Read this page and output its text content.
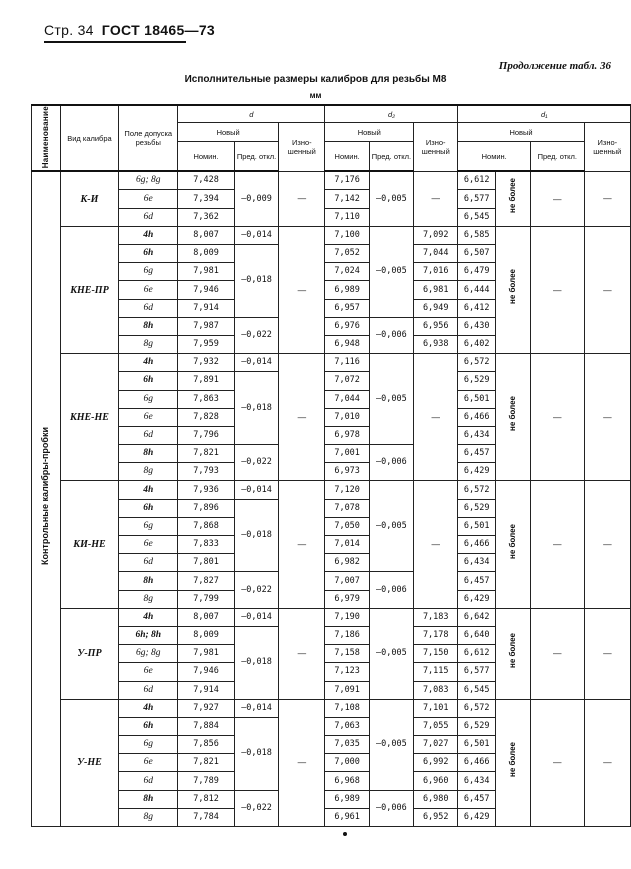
Стр. 34 ГОСТ 18465—73
Продолжение табл. 36
Исполнительные размеры калибров для резьбы М8
мм
Наименование	Вид калибра	Поле допуска резьбы	d			d₂			d₁			
			Новый		Изно- шенный	Новый		Изно- шенный	Новый			Изно- шенный
			Номин.	Пред. откл.		Номин.	Пред. откл.		Номин.		Пред. откл.	
Контрольные калибры-пробки	К-И	6g; 8g	7,428	—0,009	—	7,176	—0,005	—	6,612	не более	—	—
		6e	7,394			7,142			6,577			
		6d	7,362			7,110			6,545			
	КНЕ-ПР	4h	8,007	—0,014	—	7,100	—0,005	7,092	6,585	не более	—	—
		6h	8,009	—0,018		7,052		7,044	6,507			
		6g	7,981			7,024		7,016	6,479			
		6e	7,946			6,989		6,981	6,444			
		6d	7,914			6,957		6,949	6,412			
		8h	7,987	—0,022		6,976	—0,006	6,956	6,430			
		8g	7,959			6,948		6,938	6,402			
	КНЕ-НЕ	4h	7,932	—0,014	—	7,116	—0,005	—	6,572	не более	—	—
		6h	7,891	—0,018		7,072			6,529			
		6g	7,863			7,044			6,501			
		6e	7,828			7,010			6,466			
		6d	7,796			6,978			6,434			
		8h	7,821	—0,022		7,001	—0,006		6,457			
		8g	7,793			6,973			6,429			
	КИ-НЕ	4h	7,936	—0,014	—	7,120	—0,005	—	6,572	не более	—	—
		6h	7,896	—0,018		7,078			6,529			
		6g	7,868			7,050			6,501			
		6e	7,833			7,014			6,466			
		6d	7,801			6,982			6,434			
		8h	7,827	—0,022		7,007	—0,006		6,457			
		8g	7,799			6,979			6,429			
	У-ПР	4h	8,007	—0,014	—	7,190	—0,005	7,183	6,642	не более	—	—
		6h; 8h	8,009	—0,018		7,186		7,178	6,640			
		6g; 8g	7,981			7,158		7,150	6,612			
		6e	7,946			7,123		7,115	6,577			
		6d	7,914			7,091		7,083	6,545			
	У-НЕ	4h	7,927	—0,014	—	7,108	—0,005	7,101	6,572	не более	—	—
		6h	7,884	—0,018		7,063		7,055	6,529			
		6g	7,856			7,035		7,027	6,501			
		6e	7,821			7,000		6,992	6,466			
		6d	7,789			6,968		6,960	6,434			
		8h	7,812	—0,022		6,989	—0,006	6,980	6,457			
		8g	7,784			6,961		6,952	6,429			
